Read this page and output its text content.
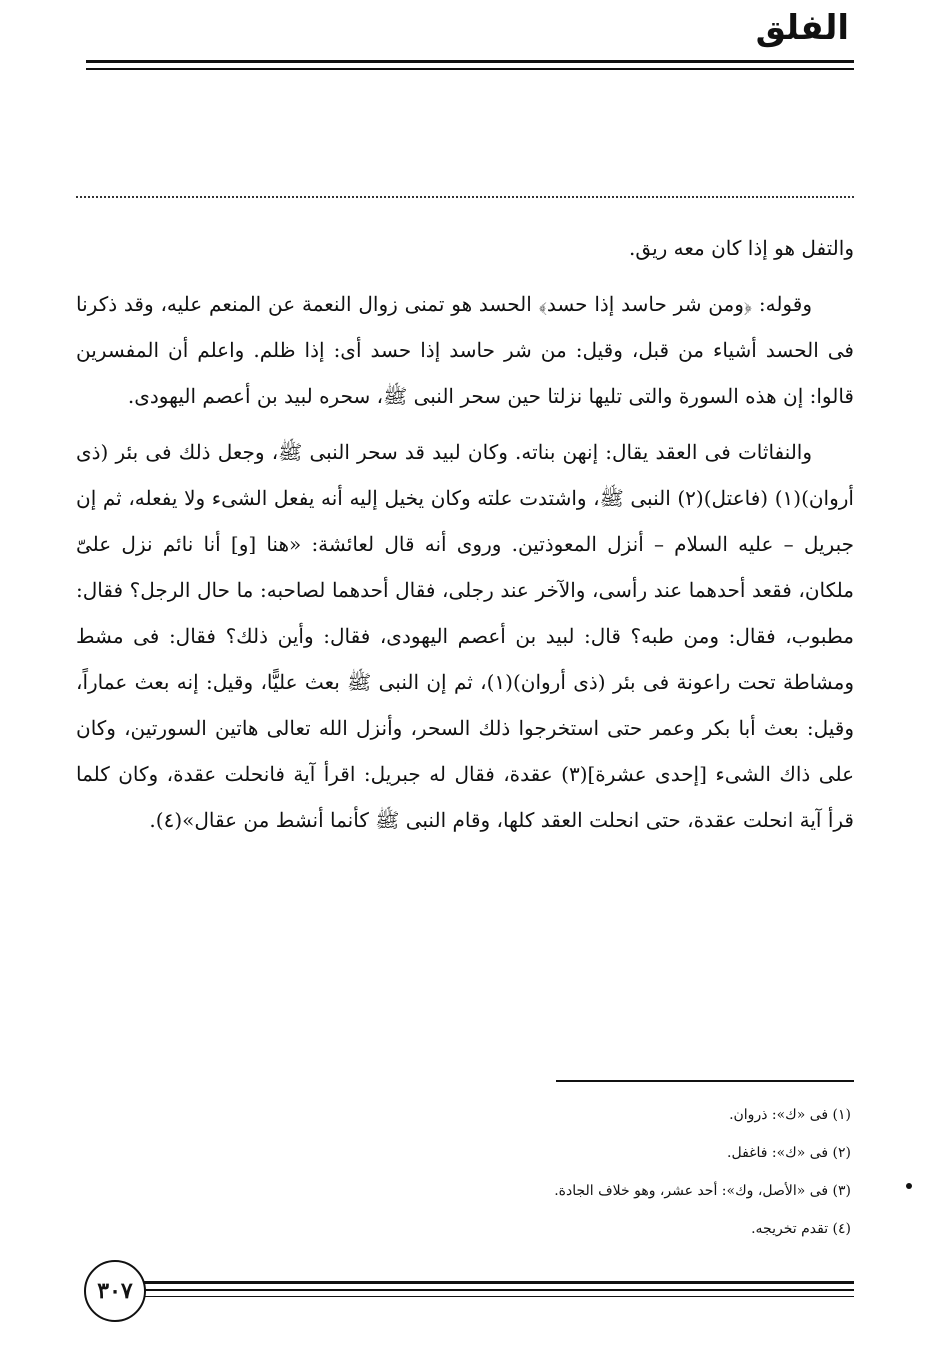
الفلق

والتفل هو إذا كان معه ريق.

وقوله: ﴿ومن شر حاسد إذا حسد﴾ الحسد هو تمنى زوال النعمة عن المنعم عليه، وقد ذكرنا فى الحسد أشياء من قبل، وقيل: من شر حاسد إذا حسد أى: إذا ظلم. واعلم أن المفسرين قالوا: إن هذه السورة والتى تليها نزلتا حين سحر النبى ﷺ، سحره لبيد بن أعصم اليهودى.

والنفاثات فى العقد يقال: إنهن بناته. وكان لبيد قد سحر النبى ﷺ، وجعل ذلك فى بئر (ذى أروان)(١) (فاعتل)(٢) النبى ﷺ، واشتدت علته وكان يخيل إليه أنه يفعل الشىء ولا يفعله، ثم إن جبريل – عليه السلام – أنزل المعوذتين. وروى أنه قال لعائشة: «هنا [و] أنا نائم نزل علىّ ملكان، فقعد أحدهما عند رأسى، والآخر عند رجلى، فقال أحدهما لصاحبه: ما حال الرجل؟ فقال: مطبوب، فقال: ومن طبه؟ قال: لبيد بن أعصم اليهودى، فقال: وأين ذلك؟ فقال: فى مشط ومشاطة تحت راعونة فى بئر (ذى أروان)(١)، ثم إن النبى ﷺ بعث عليًّا، وقيل: إنه بعث عماراً، وقيل: بعث أبا بكر وعمر حتى استخرجوا ذلك السحر، وأنزل الله تعالى هاتين السورتين، وكان على ذاك الشىء [إحدى عشرة](٣) عقدة، فقال له جبريل: اقرأ آية فانحلت عقدة، وكان كلما قرأ آية انحلت عقدة، حتى انحلت العقد كلها، وقام النبى ﷺ كأنما أنشط من عقال»(٤).

(١) فى «ك»: ذروان.
(٢) فى «ك»: فاغفل.
(٣) فى «الأصل، وك»: أحد عشر، وهو خلاف الجادة.
(٤) تقدم تخريجه.
٣٠٧
